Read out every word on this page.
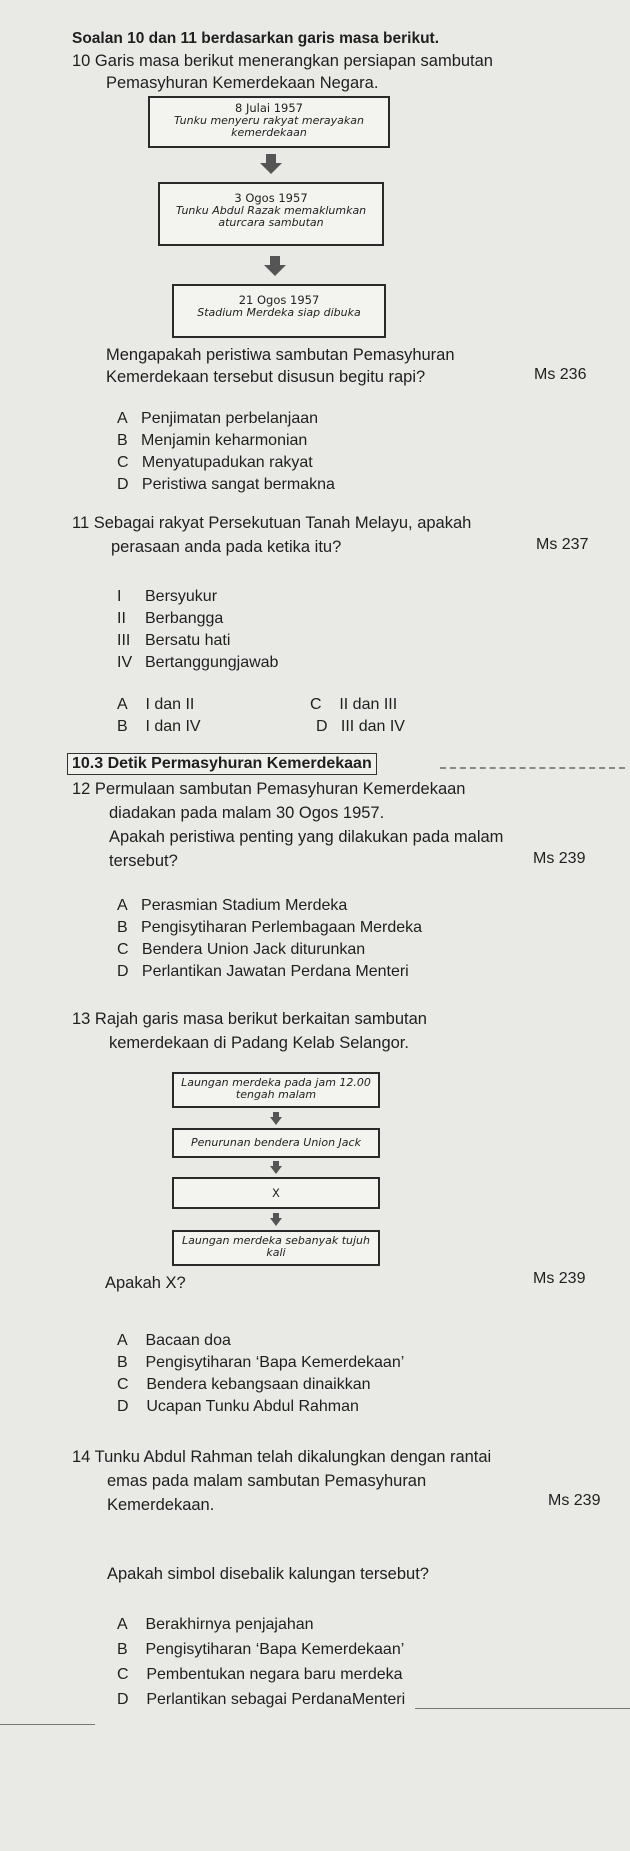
Soalan 10 dan 11 berdasarkan garis masa berikut.
10 Garis masa berikut menerangkan persiapan sambutan
Pemasyhuran Kemerdekaan Negara.
8 Julai 1957
Tunku menyeru rakyat merayakan kemerdekaan
3 Ogos 1957
Tunku Abdul Razak memaklumkan aturcara sambutan
21 Ogos 1957
Stadium Merdeka siap dibuka
Mengapakah peristiwa sambutan Pemasyhuran
Kemerdekaan tersebut disusun begitu rapi?	Ms 236
A Penjimatan perbelanjaan
B Menjamin keharmonian
C Menyatupadukan rakyat
D Peristiwa sangat bermakna
11 Sebagai rakyat Persekutuan Tanah Melayu, apakah
perasaan anda pada ketika itu?	Ms 237
I Bersyukur
II Berbangga
III Bersatu hati
IV Bertanggungjawab
A I dan II
B I dan IV
C II dan III
D III dan IV
10.3 Detik Permasyhuran Kemerdekaan
12 Permulaan sambutan Pemasyhuran Kemerdekaan
diadakan pada malam 30 Ogos 1957.
Apakah peristiwa penting yang dilakukan pada malam
tersebut?	Ms 239
A Perasmian Stadium Merdeka
B Pengisytiharan Perlembagaan Merdeka
C Bendera Union Jack diturunkan
D Perlantikan Jawatan Perdana Menteri
13 Rajah garis masa berikut berkaitan sambutan
kemerdekaan di Padang Kelab Selangor.
Laungan merdeka pada jam 12.00
tengah malam
Penurunan bendera Union Jack
X
Laungan merdeka sebanyak tujuh
kali
Apakah X?	Ms 239
A Bacaan doa
B Pengisytiharan ‘Bapa Kemerdekaan’
C Bendera kebangsaan dinaikkan
D Ucapan Tunku Abdul Rahman
14 Tunku Abdul Rahman telah dikalungkan dengan rantai
emas pada malam sambutan Pemasyhuran
Kemerdekaan.	Ms 239
Apakah simbol disebalik kalungan tersebut?
A Berakhirnya penjajahan
B Pengisytiharan ‘Bapa Kemerdekaan’
C Pembentukan negara baru merdeka
D Perlantikan sebagai PerdanaMenteri
